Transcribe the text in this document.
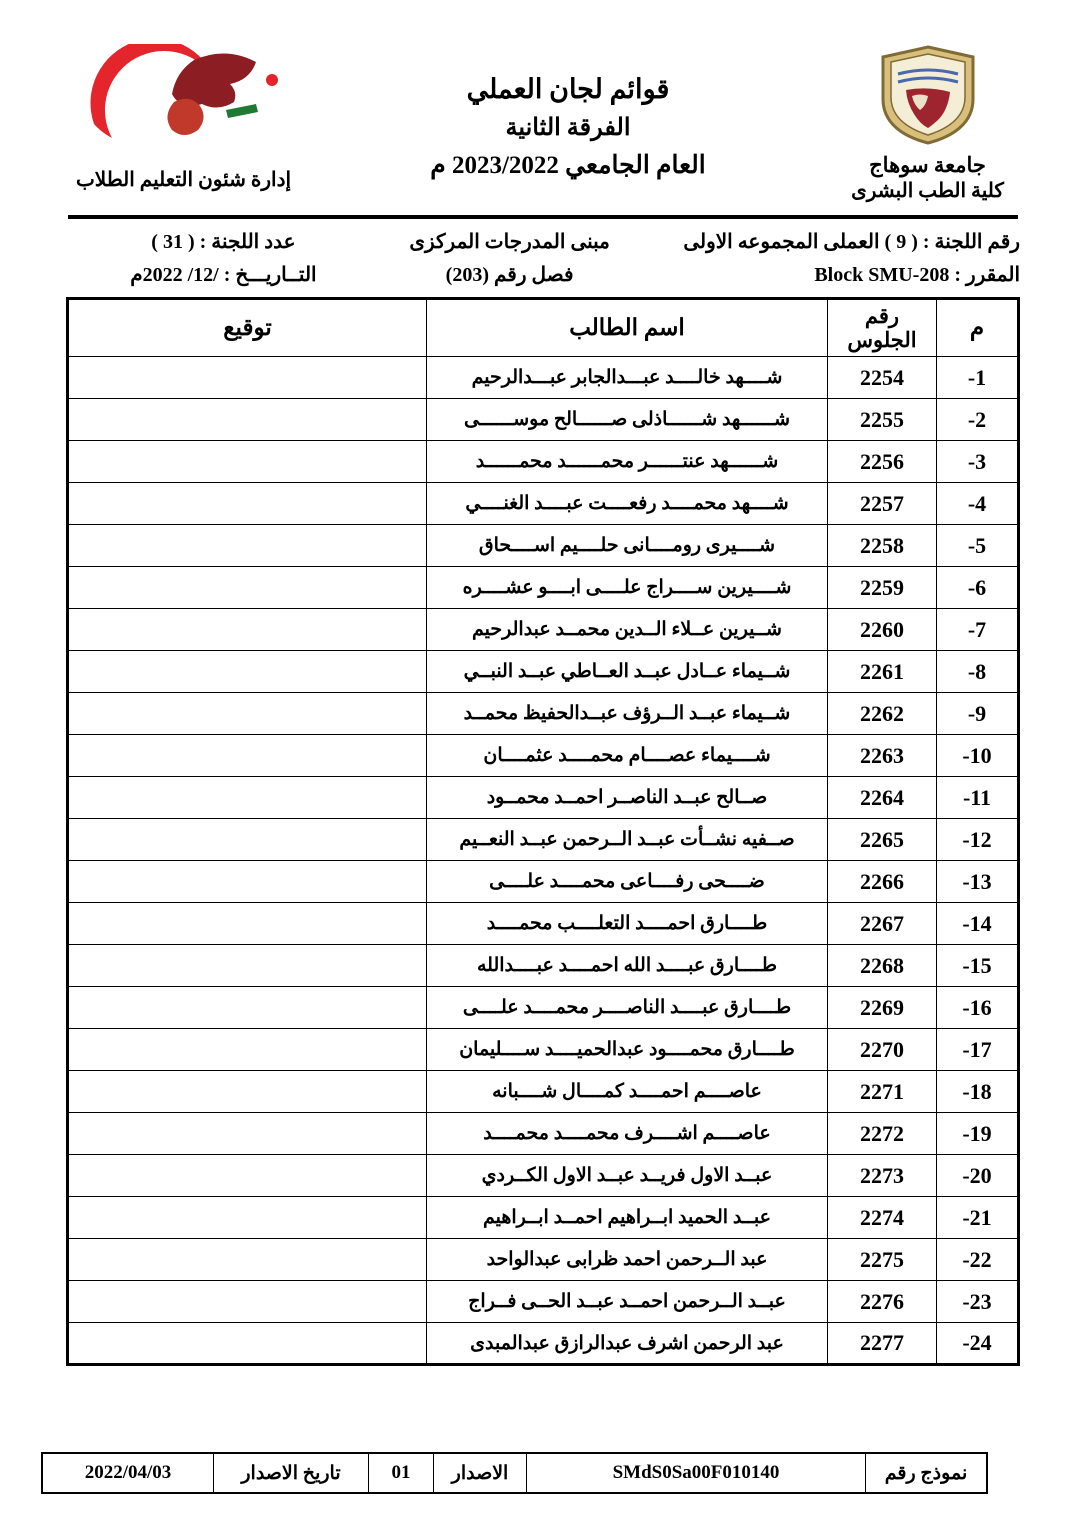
جامعة سوهاج
كلية الطب البشرى
قوائم لجان العملي
الفرقة الثانية
العام الجامعي 2023/2022 م
إدارة شئون التعليم الطلاب
رقم اللجنة : ( 9 ) العملى المجموعه الاولى
مبنى المدرجات المركزى
عدد اللجنة : ( 31 )
المقرر : Block SMU-208
فصل رقم (203)
التــاريـــخ : /12/ 2022م
م	رقم
الجلوس	اسم الطالب	توقيع
-1	2254	شــــهد خالــــد عبـــدالجابر عبـــدالرحيم	
-2	2255	شــــــهد شــــــاذلى صــــــالح موســــــى	
-3	2256	شــــــهد عنتــــــر محمــــــد محمــــــد	
-4	2257	شــــهد محمــــد رفعــــت عبــــد الغنــــي	
-5	2258	شــــيرى رومــــانى حلــــيم اســــحاق	
-6	2259	شــــيرين ســــراج علــــى ابــــو عشــــره	
-7	2260	شــيرين عــلاء الــدين محمــد عبدالرحيم	
-8	2261	شــيماء عــادل عبــد العــاطي عبــد النبــي	
-9	2262	شــيماء عبــد الــرؤف عبــدالحفيظ محمــد	
-10	2263	شــــيماء عصــــام محمــــد عثمــــان	
-11	2264	صــالح عبــد الناصــر احمــد محمــود	
-12	2265	صــفيه نشــأت عبــد الــرحمن عبــد النعــيم	
-13	2266	ضــــحى رفــــاعى محمــــد علــــى	
-14	2267	طــــارق احمــــد التعلــــب محمــــد	
-15	2268	طــــارق عبــــد الله احمــــد عبــــدالله	
-16	2269	طــــارق عبــــد الناصــــر محمــــد علــــى	
-17	2270	طــــارق محمــــود عبدالحميــــد ســــليمان	
-18	2271	عاصــــم احمــــد كمــــال شــــبانه	
-19	2272	عاصــــم اشــــرف محمــــد محمــــد	
-20	2273	عبــد الاول فريــد عبــد الاول الكــردي	
-21	2274	عبــد الحميد ابــراهيم احمــد ابــراهيم	
-22	2275	عبد الــرحمن احمد ظرابى عبدالواحد	
-23	2276	عبــد الــرحمن احمــد عبــد الحــى فــراج	
-24	2277	عبد الرحمن اشرف عبدالرازق عبدالمبدى	
نموذج رقم	SMdS0Sa00F010140	الاصدار	01	تاريخ الاصدار	2022/04/03
